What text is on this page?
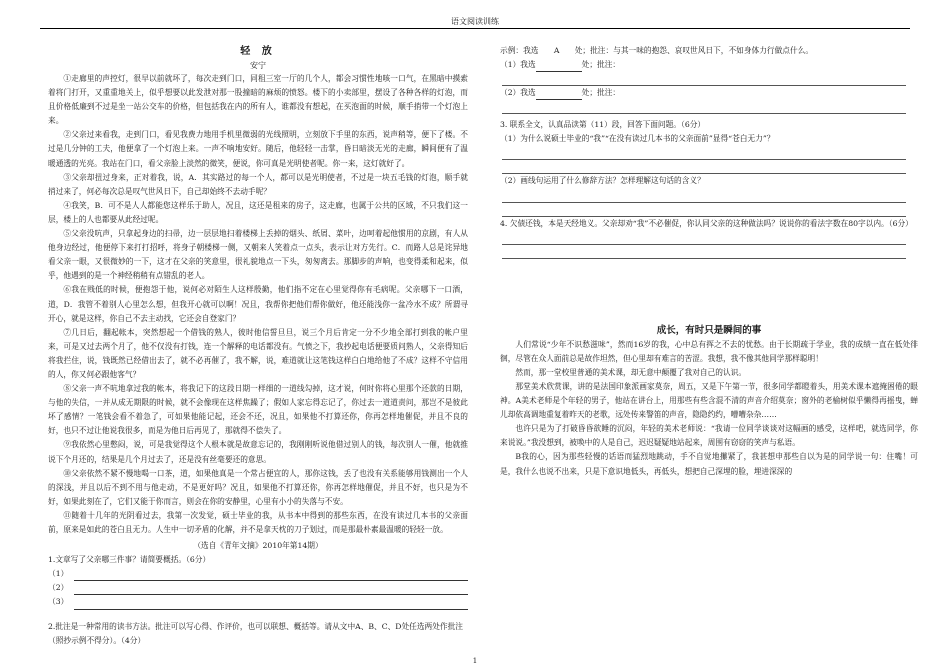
语文阅读训练
轻 放
安宁

①走廊里的声控灯，很早以前就坏了，每次走到门口，同租三室一厅的几个人，都会习惯性地咳一口气，在黑暗中摸索着将门打开，又重重地关上，似乎想要以此发泄对那一股撞暗的麻烦的愤怒。楼下的小卖部里，摆设了各种各样的灯泡，而且价格低廉到不过是坐一站公交车的价格，但包括我在内的所有人，谁都没有想起，在买泡面的时候，顺手捎带一个灯泡上来。

②父亲过来看我，走到门口，看见我费力地用手机里微弱的光线照明，立刻放下手里的东西，说声稍等，便下了楼。不过是几分钟的工夫，他便拿了一个灯泡上来。一声不响地安好。随后，他轻轻一击掌，昏日暗淡无光的走廊，瞬间便有了温暖通透的光亮。我站在门口，看父亲脸上淡然的微笑，便说，你可真是光明使者呢。你一来，这灯就好了。

③父亲却扭过身来，正对着我，说，A．其实路过的每一个人，都可以是光明使者，不过是一块五毛钱的灯泡，顺手就捎过来了，何必每次总是叹气世风日下，自己却始终不去动手呢？

④我笑，B．可不是人人都能您这样乐于助人，况且，这还是租来的房子，这走廊，也属于公共的区域，不只我们这一层，楼上的人也都要从此经过呢。

⑤父亲没吭声，只拿起身边的扫帚，边一层层地扫着楼梯上丢掉的烟头、纸屑、菜叶，边呵着起他惯用的京剧，有人从他身边经过，他便停下来打打招呼，将身子朝楼梯一侧，又朝来人笑着点一点头，表示让对方先行。C．而路人总是诧异地看父亲一眼，又很微妙的一下，这才在父亲的笑意里，很礼貌地点一下头，匆匆离去。那脚步的声响，也变得柔和起来，似乎，他遇到的是一个神经稍稍有点错乱的老人。

⑥我在贱低的时候，便抱怨于他，说何必对陌生人这样殷勤，他们指不定在心里觉得你有毛病呢。父亲哪下一口酒，道，D．我管不着别人心里怎么想，但我开心就可以啊！况且，我帮你把他们帮你做好，他还能浅你一盆冷水不成？所谓寻开心，就是这样，你自己不去主动找，它还会自登家门？

⑦几日后，翻起帐本，突然想起一个借钱的熟人，彼时他信誓旦旦，说三个月后肯定一分不少地全部打到我的帐户里来，可是又过去两个月了，他不仅没有打钱，连一个解释的电话都没有。气愤之下，我抄起电话便要质问熟人，父亲得知后将我拦住，说，钱既然已经借出去了，就不必再催了，我不解，说，难道就让这笔钱这样白白地给他了不成？这样不守信用的人，你又何必跟他客气？

⑧父亲一声不吭地拿过我的帐本，将我记下的这段日期一样细的一道线勾掉，这才说，何时你将心里那个还款的日期，与他的失信，一并从成无期限的时候，就不会像现在这样焦躁了；假如人家忘得忘记了，你过去一道道责问，那岂不是彼此坏了感情？一笔钱会看不着急了，可如果他能记起，还会不还，况且，如果他不打算还你，你再怎样地催促，并且不良的好，也只不过让他说我很多，而是为他日后再见了，那就得不偿失了。

⑨我依然心里憋闷，说，可是我觉得这个人根本就是故意忘记的，我刚刚听说他借过别人的钱，每次别人一催，他就推说下个月还的，结果是几个月过去了，还是没有丝毫要还的意思。

⑩父亲依然不紧不慢地喝一口茶，道，如果他真是一个常占便宜的人，那你这钱，丢了也没有关系能够用钱测出一个人的深浅，并且以后不到不用与他走动，不是更好吗？况且，如果他不打算还你，你再怎样地催促，并且不好，也只是为不好，如果此刻在了，它们又能于你而言，则会在你的安静里，心里有小小的失落与不安。

⑪随着十几年的光阴看过去，我第一次发觉，硕士毕业的我，从书本中得到的那些东西，在没有读过几本书的父亲面前，原来是如此的苍白且无力。人生中一切矛盾的化解，并不是拿天枕的刀子划过，而是那最朴素最温暖的轻轻一放。

（选自《青年文摘》2010年第14期）

1.文章写了父亲哪三件事？请简要概括。（6分）

（1）
（2）
（3）

2.批注是一种常用的读书方法。批注可以写心得、作评价，也可以联想、概括等。请从文中A、B、C、D处任选两处作批注（照抄示例不得分）。（4分）

示例：我选　　A　　处；批注：与其一味的抱怨、哀叹世风日下，不如身体力行做点什么。

（1）我选	处；批注：
（2）我选	处；批注：

3. 联系全文，认真品读第（11）段，回答下面问题。（6分）

（1）为什么说硕士毕业的“我”“在没有读过几本书的父亲面前”显得“苍白无力”？

（2）画线句运用了什么修辞方法？怎样理解这句话的含义？

4. 欠债还钱，本是天经地义。父亲却劝“我”不必催促，你认同父亲的这种做法吗？说说你的看法字数在80字以内。（6分）

成长，有时只是瞬间的事

人们常说“少年不识愁滋味”，然而16岁的我，心中总有挥之不去的忧愁。由于长期疏于学业，我的成绩一直在低处徘徊，尽管在众人面前总是故作坦然，但心里却有难言的苦涩。我想，我不像其他同学那样聪明！

然而，那一堂校里普通的美术课，却无意中颠覆了我对自己的认识。

那堂美术欣赏课，讲的是法国印象派画家莫奈，周五，又是下午第一节，很多同学都瞪着头，用美术课本遮掩困倦的眼神。A美术老师是个年轻的男子，他站在讲台上，用那些有些含混不清的声音介绍莫奈；窗外的老榆树似乎懒得再摇曳，蝉儿却依高调地重复着昨天的老歌，远处传来警笛的声音，隐隐约约，嘈嘈杂杂……

也许只是为了打破昏昏欲睡的沉闷，年轻的美术老师说：“我请一位同学谈谈对这幅画的感受，这样吧，就选同学，你来说说。”我没想到，被唤中的人是自己，迟迟疑疑地站起来，周围有窃窃的笑声与私语。

B我的心，因为那些轻慢的话语而猛烈地跳动，手不自觉地攥紧了，我甚想申那些自以为是的同学说一句：住嘴！可是，我什么也说不出来，只是下意识地低头，再低头，想把自己深埋的脸，埋进深深的

1
